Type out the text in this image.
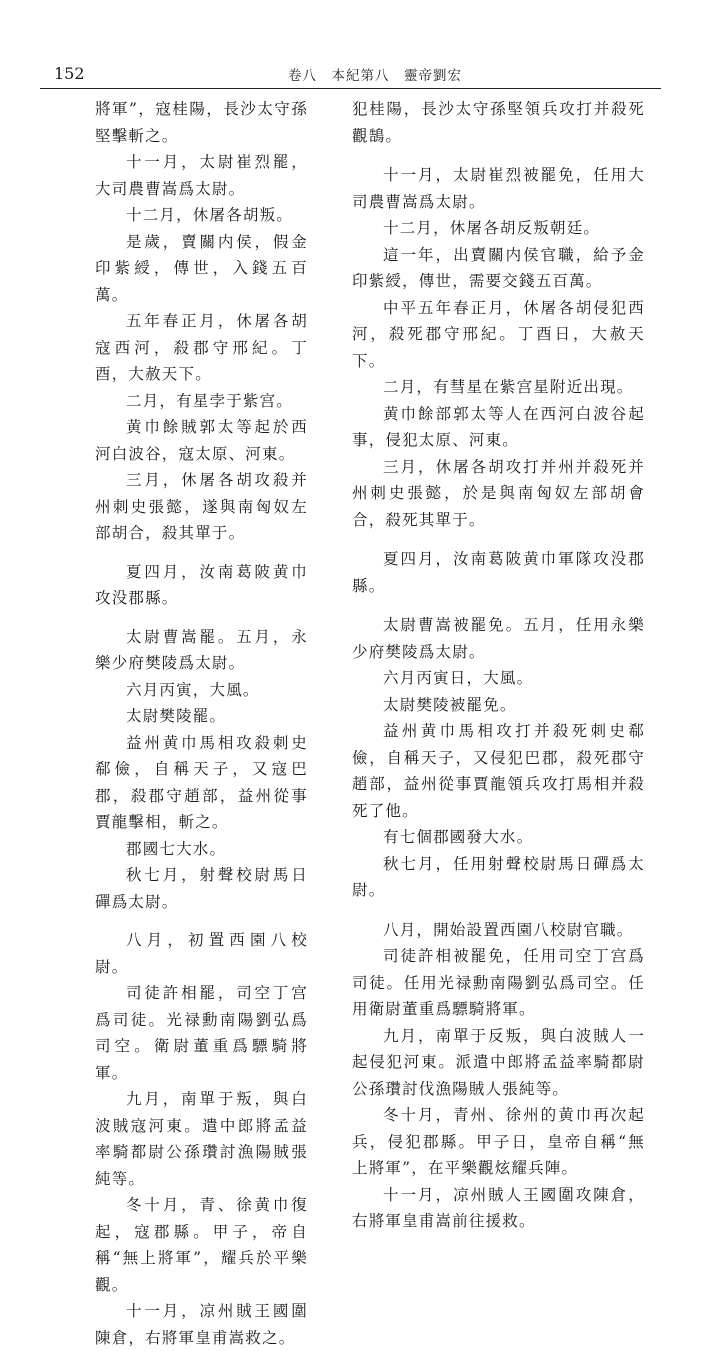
152	卷八　本紀第八　靈帝劉宏

將軍”，寇桂陽，長沙太守孫堅擊斬之。

十一月，太尉崔烈罷，大司農曹嵩爲太尉。

十二月，休屠各胡叛。

是歲，賣關内侯，假金印紫綬，傳世，入錢五百萬。

五年春正月，休屠各胡寇西河，殺郡守邢紀。丁酉，大赦天下。

二月，有星孛于紫宫。

黄巾餘賊郭太等起於西河白波谷，寇太原、河東。

三月，休屠各胡攻殺并州刺史張懿，遂與南匈奴左部胡合，殺其單于。

夏四月，汝南葛陂黄巾攻没郡縣。

太尉曹嵩罷。五月，永樂少府樊陵爲太尉。

六月丙寅，大風。

太尉樊陵罷。

益州黄巾馬相攻殺刺史郗儉，自稱天子，又寇巴郡，殺郡守趙部，益州從事賈龍擊相，斬之。

郡國七大水。

秋七月，射聲校尉馬日磾爲太尉。

八月，初置西園八校尉。

司徒許相罷，司空丁宫爲司徒。光禄勳南陽劉弘爲司空。衛尉董重爲驃騎將軍。

九月，南單于叛，與白波賊寇河東。遣中郎將孟益率騎都尉公孫瓚討漁陽賊張純等。

冬十月，青、徐黄巾復起，寇郡縣。甲子，帝自稱“無上將軍”，耀兵於平樂觀。

十一月，凉州賊王國圍陳倉，右將軍皇甫嵩救之。

犯桂陽，長沙太守孫堅領兵攻打并殺死觀鵠。

十一月，太尉崔烈被罷免，任用大司農曹嵩爲太尉。

十二月，休屠各胡反叛朝廷。

這一年，出賣關内侯官職，給予金印紫綬，傳世，需要交錢五百萬。

中平五年春正月，休屠各胡侵犯西河，殺死郡守邢紀。丁酉日，大赦天下。

二月，有彗星在紫宫星附近出現。

黄巾餘部郭太等人在西河白波谷起事，侵犯太原、河東。

三月，休屠各胡攻打并州并殺死并州刺史張懿，於是與南匈奴左部胡會合，殺死其單于。

夏四月，汝南葛陂黄巾軍隊攻没郡縣。

太尉曹嵩被罷免。五月，任用永樂少府樊陵爲太尉。

六月丙寅日，大風。

太尉樊陵被罷免。

益州黄巾馬相攻打并殺死刺史郗儉，自稱天子，又侵犯巴郡，殺死郡守趙部，益州從事賈龍領兵攻打馬相并殺死了他。

有七個郡國發大水。

秋七月，任用射聲校尉馬日磾爲太尉。

八月，開始設置西園八校尉官職。

司徒許相被罷免，任用司空丁宫爲司徒。任用光禄勳南陽劉弘爲司空。任用衛尉董重爲驃騎將軍。

九月，南單于反叛，與白波賊人一起侵犯河東。派遣中郎將孟益率騎都尉公孫瓚討伐漁陽賊人張純等。

冬十月，青州、徐州的黄巾再次起兵，侵犯郡縣。甲子日，皇帝自稱“無上將軍”，在平樂觀炫耀兵陣。

十一月，凉州賊人王國圍攻陳倉，右將軍皇甫嵩前往援救。
